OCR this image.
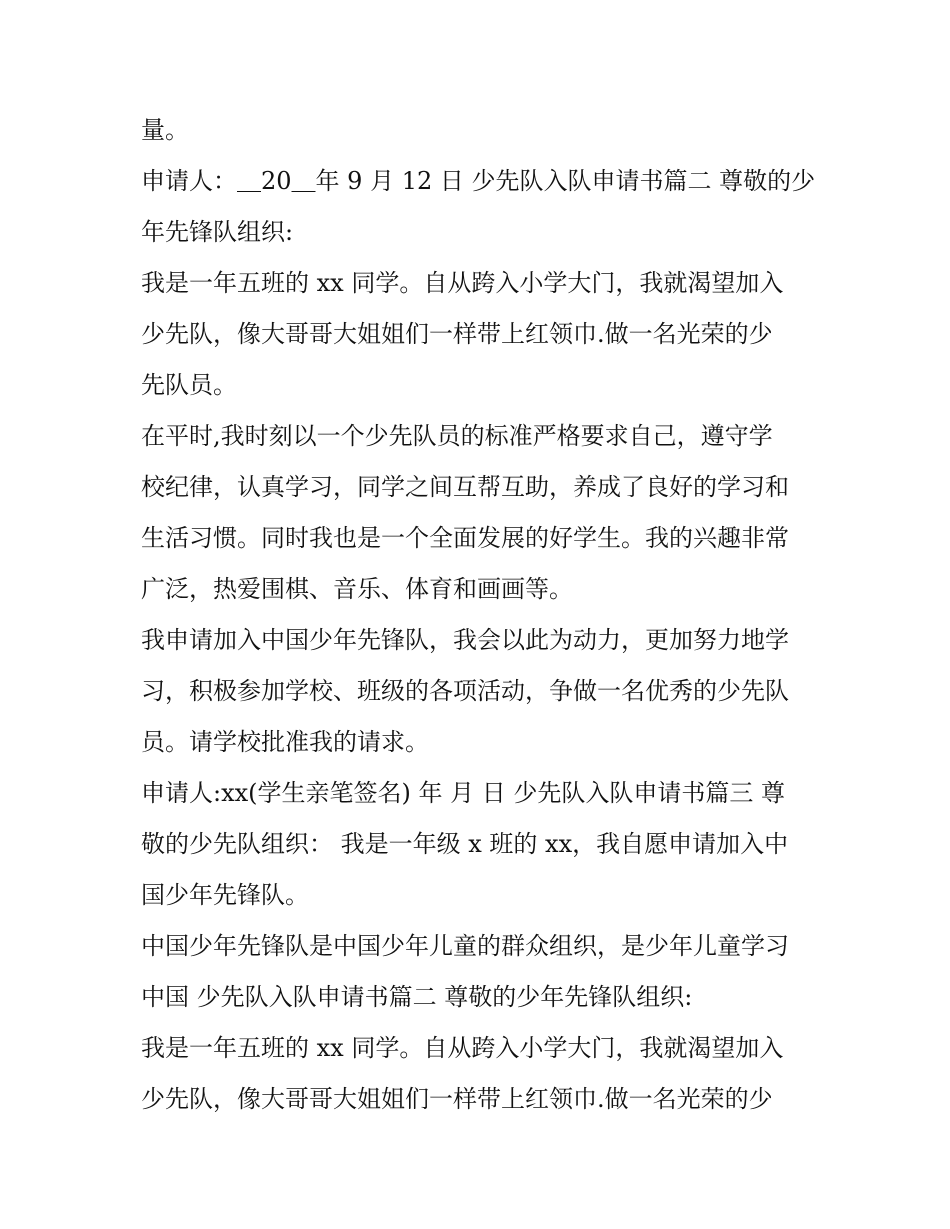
量。
申请人：＿20＿年 9 月 12 日 少先队入队申请书篇二 尊敬的少
年先锋队组织:
我是一年五班的 xx 同学。自从跨入小学大门，我就渴望加入
少先队，像大哥哥大姐姐们一样带上红领巾.做一名光荣的少
先队员。
在平时,我时刻以一个少先队员的标准严格要求自己，遵守学
校纪律，认真学习，同学之间互帮互助，养成了良好的学习和
生活习惯。同时我也是一个全面发展的好学生。我的兴趣非常
广泛，热爱围棋、音乐、体育和画画等。
我申请加入中国少年先锋队，我会以此为动力，更加努力地学
习，积极参加学校、班级的各项活动，争做一名优秀的少先队
员。请学校批准我的请求。
申请人:xx(学生亲笔签名) 年 月 日 少先队入队申请书篇三 尊
敬的少先队组织： 我是一年级 x 班的 xx，我自愿申请加入中
国少年先锋队。
中国少年先锋队是中国少年儿童的群众组织，是少年儿童学习
中国 少先队入队申请书篇二 尊敬的少年先锋队组织:
我是一年五班的 xx 同学。自从跨入小学大门，我就渴望加入
少先队，像大哥哥大姐姐们一样带上红领巾.做一名光荣的少
